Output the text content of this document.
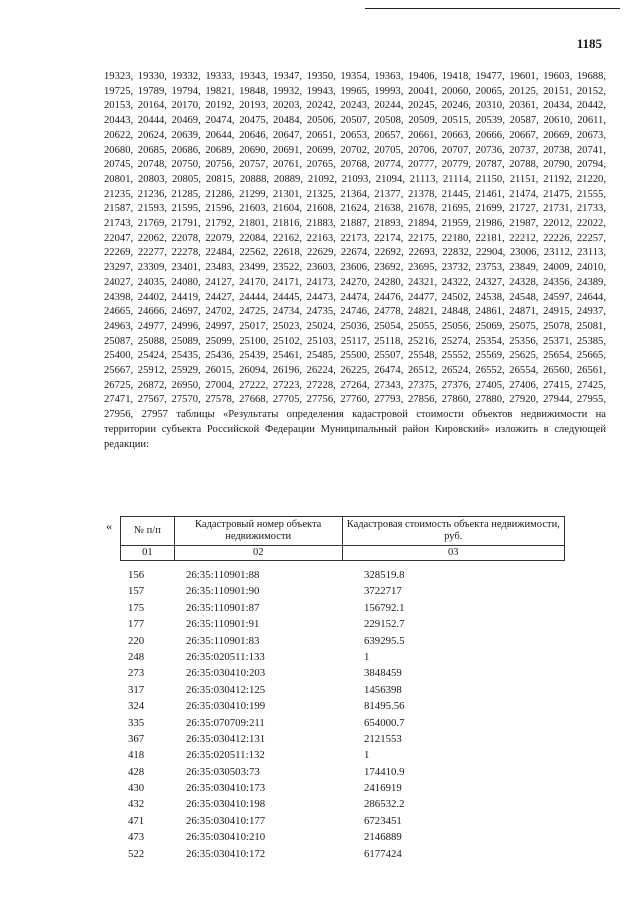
1185
19323, 19330, 19332, 19333, 19343, 19347, 19350, 19354, 19363, 19406, 19418, 19477, 19601, 19603, 19688, 19725, 19789, 19794, 19821, 19848, 19932, 19943, 19965, 19993, 20041, 20060, 20065, 20125, 20151, 20152, 20153, 20164, 20170, 20192, 20193, 20203, 20242, 20243, 20244, 20245, 20246, 20310, 20361, 20434, 20442, 20443, 20444, 20469, 20474, 20475, 20484, 20506, 20507, 20508, 20509, 20515, 20539, 20587, 20610, 20611, 20622, 20624, 20639, 20644, 20646, 20647, 20651, 20653, 20657, 20661, 20663, 20666, 20667, 20669, 20673, 20680, 20685, 20686, 20689, 20690, 20691, 20699, 20702, 20705, 20706, 20707, 20736, 20737, 20738, 20741, 20745, 20748, 20750, 20756, 20757, 20761, 20765, 20768, 20774, 20777, 20779, 20787, 20788, 20790, 20794, 20801, 20803, 20805, 20815, 20888, 20889, 21092, 21093, 21094, 21113, 21114, 21150, 21151, 21192, 21220, 21235, 21236, 21285, 21286, 21299, 21301, 21325, 21364, 21377, 21378, 21445, 21461, 21474, 21475, 21555, 21587, 21593, 21595, 21596, 21603, 21604, 21608, 21624, 21638, 21678, 21695, 21699, 21727, 21731, 21733, 21743, 21769, 21791, 21792, 21801, 21816, 21883, 21887, 21893, 21894, 21959, 21986, 21987, 22012, 22022, 22047, 22062, 22078, 22079, 22084, 22162, 22163, 22173, 22174, 22175, 22180, 22181, 22212, 22226, 22257, 22269, 22277, 22278, 22484, 22562, 22618, 22629, 22674, 22692, 22693, 22832, 22904, 23006, 23112, 23113, 23297, 23309, 23401, 23483, 23499, 23522, 23603, 23606, 23692, 23695, 23732, 23753, 23849, 24009, 24010, 24027, 24035, 24080, 24127, 24170, 24171, 24173, 24270, 24280, 24321, 24322, 24327, 24328, 24356, 24389, 24398, 24402, 24419, 24427, 24444, 24445, 24473, 24474, 24476, 24477, 24502, 24538, 24548, 24597, 24644, 24665, 24666, 24697, 24702, 24725, 24734, 24735, 24746, 24778, 24821, 24848, 24861, 24871, 24915, 24937, 24963, 24977, 24996, 24997, 25017, 25023, 25024, 25036, 25054, 25055, 25056, 25069, 25075, 25078, 25081, 25087, 25088, 25089, 25099, 25100, 25102, 25103, 25117, 25118, 25216, 25274, 25354, 25356, 25371, 25385, 25400, 25424, 25435, 25436, 25439, 25461, 25485, 25500, 25507, 25548, 25552, 25569, 25625, 25654, 25665, 25667, 25912, 25929, 26015, 26094, 26196, 26224, 26225, 26474, 26512, 26524, 26552, 26554, 26560, 26561, 26725, 26872, 26950, 27004, 27222, 27223, 27228, 27264, 27343, 27375, 27376, 27405, 27406, 27415, 27425, 27471, 27567, 27570, 27578, 27668, 27705, 27756, 27760, 27793, 27856, 27860, 27880, 27920, 27944, 27955, 27956, 27957 таблицы «Результаты определения кадастровой стоимости объектов недвижимости на территории субъекта Российской Федерации Муниципальный район Кировский» изложить в следующей редакции:
« № п/п	Кадастровый номер объекта недвижимости	Кадастровая стоимость объекта недвижимости, руб.
01	02	03
156	26:35:110901:88	328519.8
157	26:35:110901:90	3722717
175	26:35:110901:87	156792.1
177	26:35:110901:91	229152.7
220	26:35:110901:83	639295.5
248	26:35:020511:133	1
273	26:35:030410:203	3848459
317	26:35:030412:125	1456398
324	26:35:030410:199	81495.56
335	26:35:070709:211	654000.7
367	26:35:030412:131	2121553
418	26:35:020511:132	1
428	26:35:030503:73	174410.9
430	26:35:030410:173	2416919
432	26:35:030410:198	286532.2
471	26:35:030410:177	6723451
473	26:35:030410:210	2146889
522	26:35:030410:172	6177424
